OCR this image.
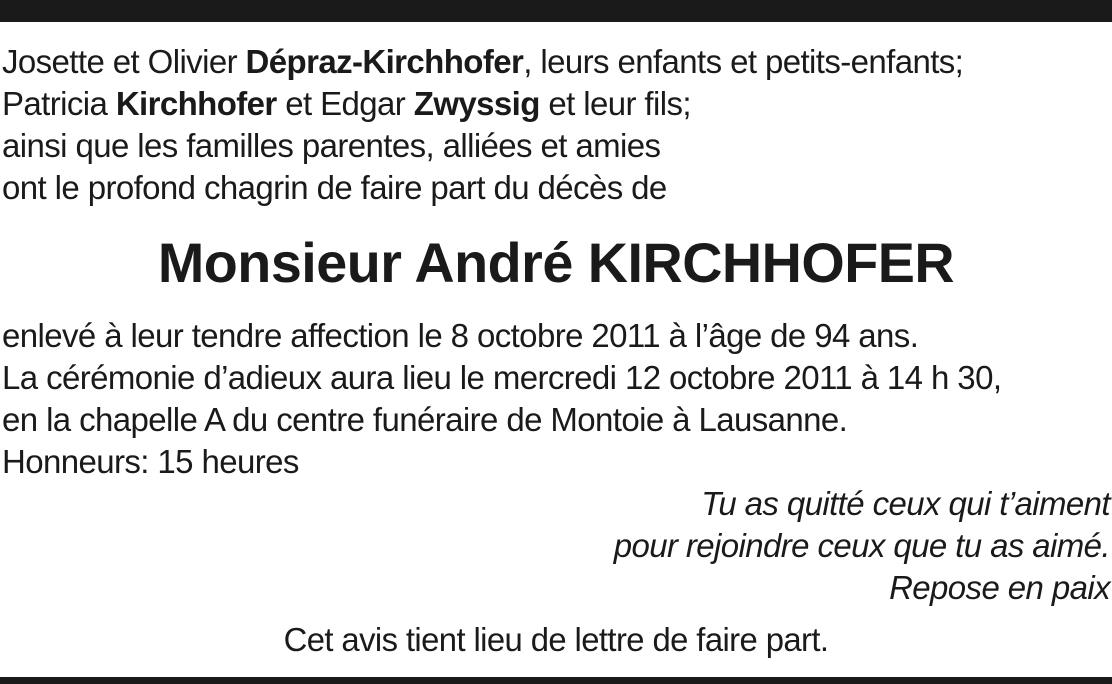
Josette et Olivier Dépraz-Kirchhofer, leurs enfants et petits-enfants;
Patricia Kirchhofer et Edgar Zwyssig et leur fils;
ainsi que les familles parentes, alliées et amies
ont le profond chagrin de faire part du décès de
Monsieur André KIRCHHOFER
enlevé à leur tendre affection le 8 octobre 2011 à l’âge de 94 ans.
La cérémonie d’adieux aura lieu le mercredi 12 octobre 2011 à 14 h 30,
en la chapelle A du centre funéraire de Montoie à Lausanne.
Honneurs: 15 heures
Tu as quitté ceux qui t’aiment
pour rejoindre ceux que tu as aimé.
Repose en paix
Cet avis tient lieu de lettre de faire part.
